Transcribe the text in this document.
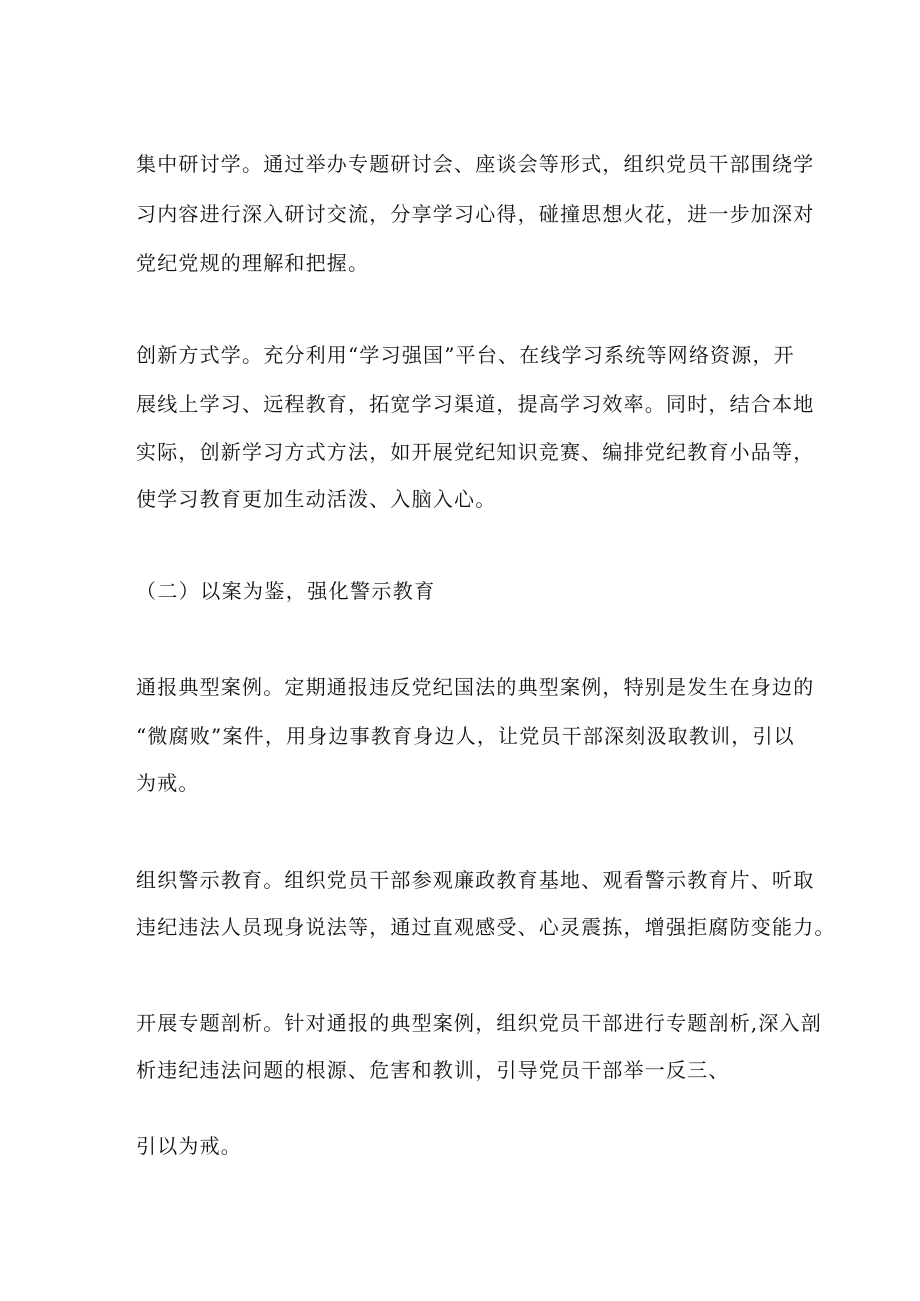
集中研讨学。通过举办专题研讨会、座谈会等形式，组织党员干部围绕学
习内容进行深入研讨交流，分享学习心得，碰撞思想火花，进一步加深对
党纪党规的理解和把握。
创新方式学。充分利用“学习强国”平台、在线学习系统等网络资源，开
展线上学习、远程教育，拓宽学习渠道，提高学习效率。同时，结合本地
实际，创新学习方式方法，如开展党纪知识竞赛、编排党纪教育小品等，
使学习教育更加生动活泼、入脑入心。
（二）以案为鉴，强化警示教育
通报典型案例。定期通报违反党纪国法的典型案例，特别是发生在身边的
“微腐败”案件，用身边事教育身边人，让党员干部深刻汲取教训，引以
为戒。
组织警示教育。组织党员干部参观廉政教育基地、观看警示教育片、听取
违纪违法人员现身说法等，通过直观感受、心灵震拣，增强拒腐防变能力。
开展专题剖析。针对通报的典型案例，组织党员干部进行专题剖析,深入剖
析违纪违法问题的根源、危害和教训，引导党员干部举一反三、
引以为戒。
